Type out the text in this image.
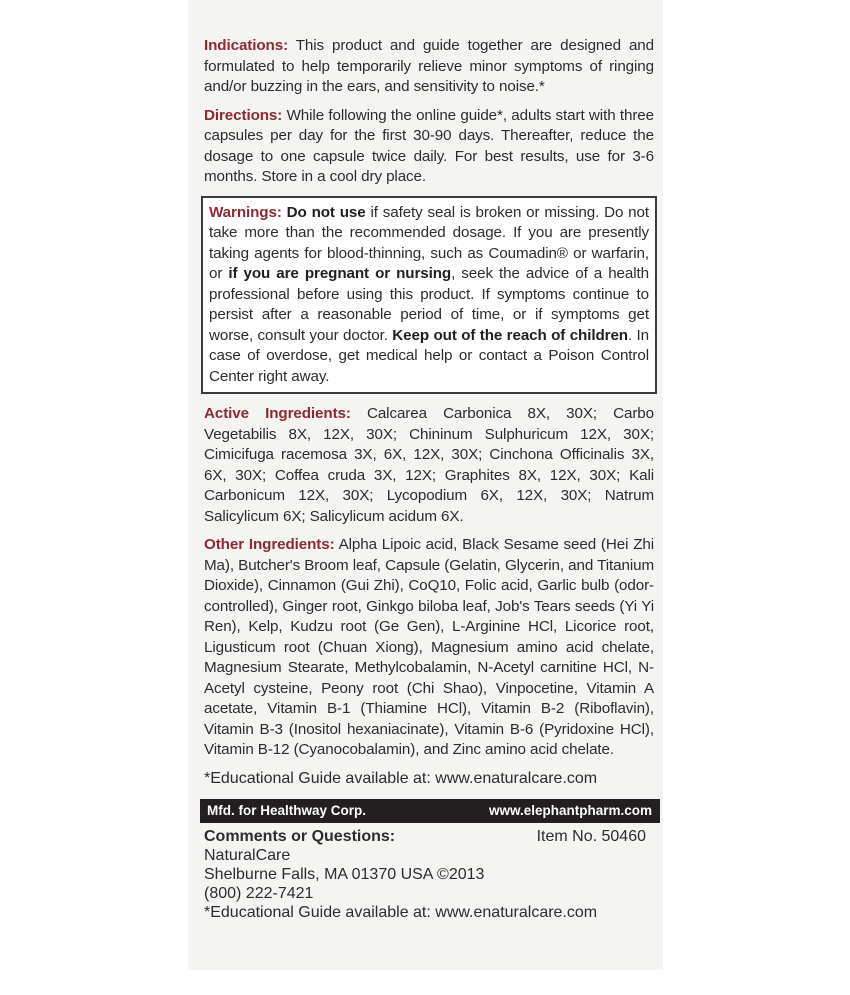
Indications: This product and guide together are designed and formulated to help temporarily relieve minor symptoms of ringing and/or buzzing in the ears, and sensitivity to noise.*

Directions: While following the online guide*, adults start with three capsules per day for the first 30-90 days. Thereafter, reduce the dosage to one capsule twice daily. For best results, use for 3-6 months. Store in a cool dry place.

Warnings: Do not use if safety seal is broken or missing. Do not take more than the recommended dosage. If you are presently taking agents for blood-thinning, such as Coumadin® or warfarin, or if you are pregnant or nursing, seek the advice of a health professional before using this product. If symptoms continue to persist after a reasonable period of time, or if symptoms get worse, consult your doctor. Keep out of the reach of children. In case of overdose, get medical help or contact a Poison Control Center right away.

Active Ingredients: Calcarea Carbonica 8X, 30X; Carbo Vegetabilis 8X, 12X, 30X; Chininum Sulphuricum 12X, 30X; Cimicifuga racemosa 3X, 6X, 12X, 30X; Cinchona Officinalis 3X, 6X, 30X; Coffea cruda 3X, 12X; Graphites 8X, 12X, 30X; Kali Carbonicum 12X, 30X; Lycopodium 6X, 12X, 30X; Natrum Salicylicum 6X; Salicylicum acidum 6X.

Other Ingredients: Alpha Lipoic acid, Black Sesame seed (Hei Zhi Ma), Butcher's Broom leaf, Capsule (Gelatin, Glycerin, and Titanium Dioxide), Cinnamon (Gui Zhi), CoQ10, Folic acid, Garlic bulb (odor-controlled), Ginger root, Ginkgo biloba leaf, Job's Tears seeds (Yi Yi Ren), Kelp, Kudzu root (Ge Gen), L-Arginine HCl, Licorice root, Ligusticum root (Chuan Xiong), Magnesium amino acid chelate, Magnesium Stearate, Methylcobalamin, N-Acetyl carnitine HCl, N-Acetyl cysteine, Peony root (Chi Shao), Vinpocetine, Vitamin A acetate, Vitamin B-1 (Thiamine HCl), Vitamin B-2 (Riboflavin), Vitamin B-3 (Inositol hexaniacinate), Vitamin B-6 (Pyridoxine HCl), Vitamin B-12 (Cyanocobalamin), and Zinc amino acid chelate.

*Educational Guide available at: www.enaturalcare.com
Mfd. for Healthway Corp.	www.elephantpharm.com
Comments or Questions:	Item No. 50460
NaturalCare
Shelburne Falls, MA 01370 USA ©2013
(800) 222-7421
*Educational Guide available at: www.enaturalcare.com
